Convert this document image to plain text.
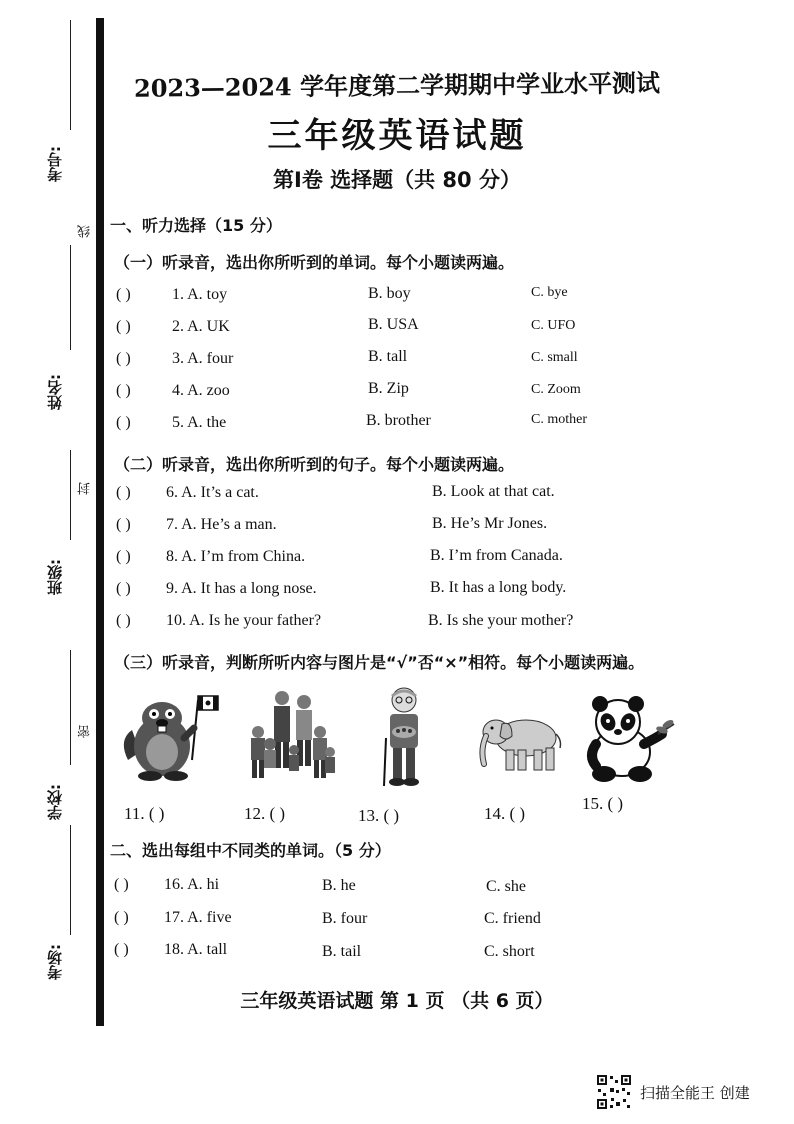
考号:
线
姓名:
封
班级:
密
学校:
考场:
2023—2024 学年度第二学期期中学业水平测试
三年级英语试题
第I卷 选择题（共 80 分）
一、听力选择（15 分）
（一）听录音，选出你所听到的单词。每个小题读两遍。
( )	1. A. toy	B. boy	C. bye
( )	2. A. UK	B. USA	C. UFO
( )	3. A. four	B. tall	C. small
( )	4. A. zoo	B. Zip	C. Zoom
( )	5. A. the	B. brother	C. mother
（二）听录音，选出你所听到的句子。每个小题读两遍。
( ) 6. A. It’s a cat.	B. Look at that cat.
( ) 7. A. He’s a man.	B. He’s Mr Jones.
( ) 8. A. I’m from China.	B. I’m from Canada.
( ) 9. A. It has a long nose.	B. It has a long body.
( ) 10. A. Is he your father?	B. Is she your mother?
（三）听录音，判断所听内容与图片是“√”否“×”相符。每个小题读两遍。
11. ( )	12. ( )	13. ( )	14. ( )
15. ( )
二、选出每组中不同类的单词。（5 分）
( ) 16. A. hi	B. he	C. she
( ) 17. A. five	B. four	C. friend
( ) 18. A. tall	B. tail	C. short
三年级英语试题 第 1 页 （共 6 页）
扫描全能王 创建
